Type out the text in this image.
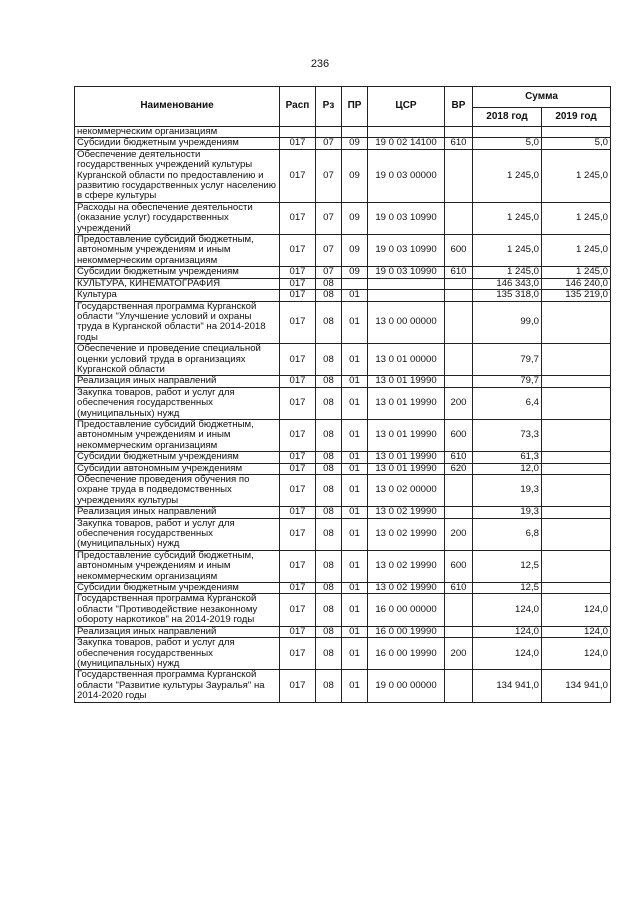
236
Наименование	Расп	Рз	ПР	ЦСР	ВР	Сумма	
						2018 год	2019 год
некоммерческим организациям							
Субсидии бюджетным учреждениям	017	07	09	19 0 02 14100	610	5,0	5,0
Обеспечение деятельности государственных учреждений культуры Курганской области по предоставлению и развитию государственных услуг населению в сфере культуры	017	07	09	19 0 03 00000		1 245,0	1 245,0
Расходы на обеспечение деятельности (оказание услуг) государственных учреждений	017	07	09	19 0 03 10990		1 245,0	1 245,0
Предоставление субсидий бюджетным, автономным учреждениям и иным некоммерческим организациям	017	07	09	19 0 03 10990	600	1 245,0	1 245,0
Субсидии бюджетным учреждениям	017	07	09	19 0 03 10990	610	1 245,0	1 245,0
КУЛЬТУРА, КИНЕМАТОГРАФИЯ	017	08				146 343,0	146 240,0
Культура	017	08	01			135 318,0	135 219,0
Государственная программа Курганской области "Улучшение условий и охраны труда в Курганской области" на 2014-2018 годы	017	08	01	13 0 00 00000		99,0	
Обеспечение и проведение специальной оценки условий труда в организациях Курганской области	017	08	01	13 0 01 00000		79,7	
Реализация иных направлений	017	08	01	13 0 01 19990		79,7	
Закупка товаров, работ и услуг для обеспечения государственных (муниципальных) нужд	017	08	01	13 0 01 19990	200	6,4	
Предоставление субсидий бюджетным, автономным учреждениям и иным некоммерческим организациям	017	08	01	13 0 01 19990	600	73,3	
Субсидии бюджетным учреждениям	017	08	01	13 0 01 19990	610	61,3	
Субсидии автономным учреждениям	017	08	01	13 0 01 19990	620	12,0	
Обеспечение проведения обучения по охране труда в подведомственных учреждениях культуры	017	08	01	13 0 02 00000		19,3	
Реализация иных направлений	017	08	01	13 0 02 19990		19,3	
Закупка товаров, работ и услуг для обеспечения государственных (муниципальных) нужд	017	08	01	13 0 02 19990	200	6,8	
Предоставление субсидий бюджетным, автономным учреждениям и иным некоммерческим организациям	017	08	01	13 0 02 19990	600	12,5	
Субсидии бюджетным учреждениям	017	08	01	13 0 02 19990	610	12,5	
Государственная программа Курганской области "Противодействие незаконному обороту наркотиков" на 2014-2019 годы	017	08	01	16 0 00 00000		124,0	124,0
Реализация иных направлений	017	08	01	16 0 00 19990		124,0	124,0
Закупка товаров, работ и услуг для обеспечения государственных (муниципальных) нужд	017	08	01	16 0 00 19990	200	124,0	124,0
Государственная программа Курганской области "Развитие культуры Зауралья" на 2014-2020 годы	017	08	01	19 0 00 00000		134 941,0	134 941,0
